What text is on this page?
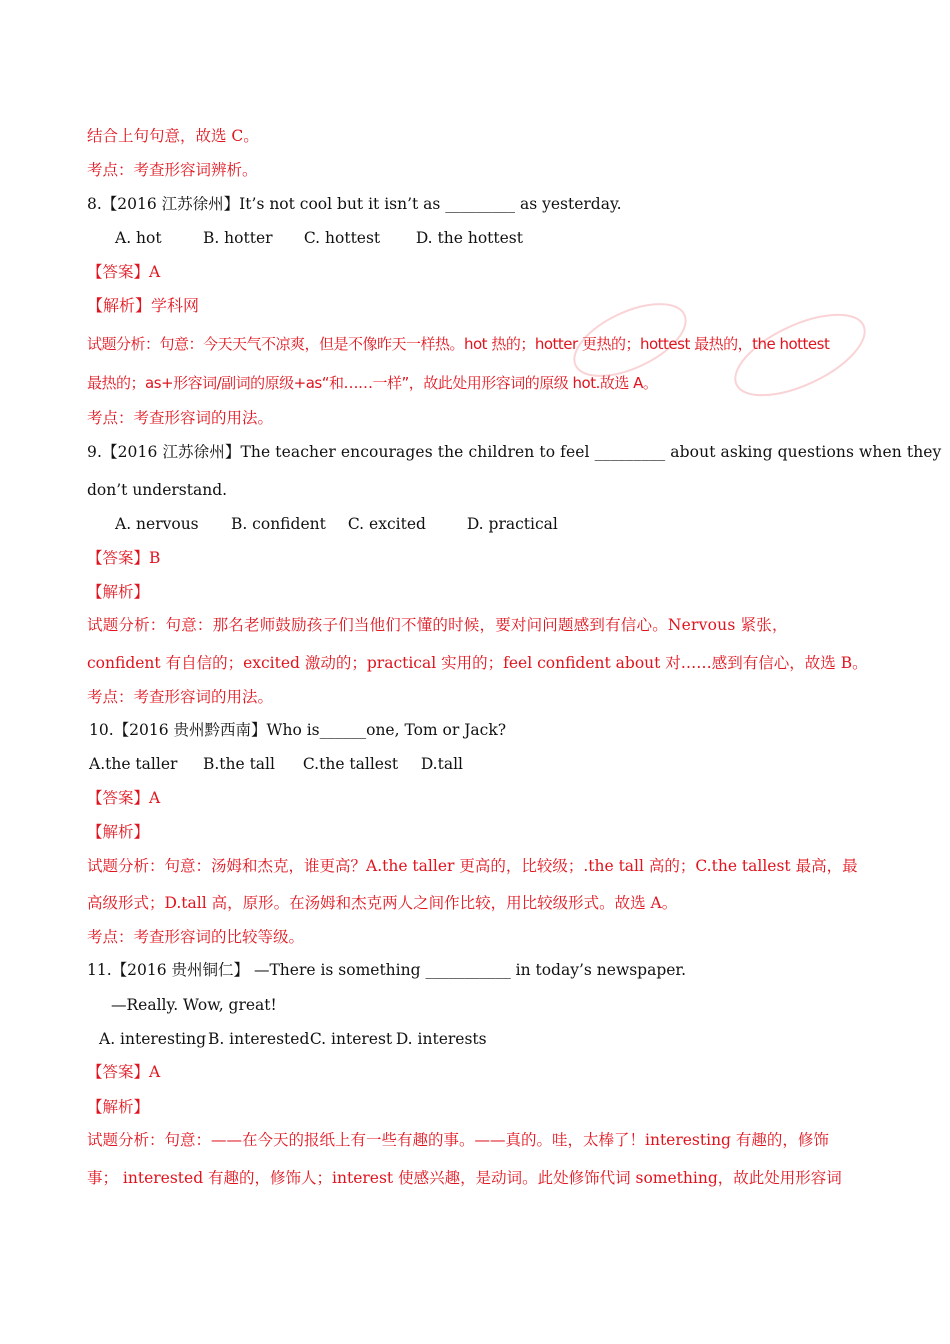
结合上句句意，故选 C。
考点：考查形容词辨析。
8.【2016 江苏徐州】It’s not cool but it isn’t as _________ as yesterday.
A. hot	B. hotter C. hottest D. the hottest
【答案】A
【解析】学科网
试题分析：句意：今天天气不凉爽，但是不像昨天一样热。hot 热的；hotter 更热的；hottest 最热的，the hottest
最热的；as+形容词/副词的原级+as“和……一样”，故此处用形容词的原级 hot.故选 A。
考点：考查形容词的用法。
9.【2016 江苏徐州】The teacher encourages the children to feel _________ about asking questions when they
don’t understand.
A. nervous B. confident C. excited	D. practical
【答案】B
【解析】
试题分析：句意：那名老师鼓励孩子们当他们不懂的时候，要对问问题感到有信心。Nervous 紧张，
confident 有自信的；excited 激动的；practical 实用的；feel confident about 对……感到有信心，故选 B。
考点：考查形容词的用法。
10.【2016 贵州黔西南】Who is______one, Tom or Jack?
A.the taller B.the tall C.the tallest D.tall
【答案】A
【解析】
试题分析：句意：汤姆和杰克，谁更高？A.the taller 更高的，比较级；.the tall 高的；C.the tallest 最高，最
高级形式；D.tall 高，原形。在汤姆和杰克两人之间作比较，用比较级形式。故选 A。
考点：考查形容词的比较等级。
11.【2016 贵州铜仁】 —There is something ___________ in today’s newspaper.
—Really. Wow, great!
A. interesting B. interested C. interest D. interests
【答案】A
【解析】
试题分析：句意：——在今天的报纸上有一些有趣的事。——真的。哇，太棒了！interesting 有趣的，修饰
事； interested 有趣的，修饰人；interest 使感兴趣，是动词。此处修饰代词 something，故此处用形容词
